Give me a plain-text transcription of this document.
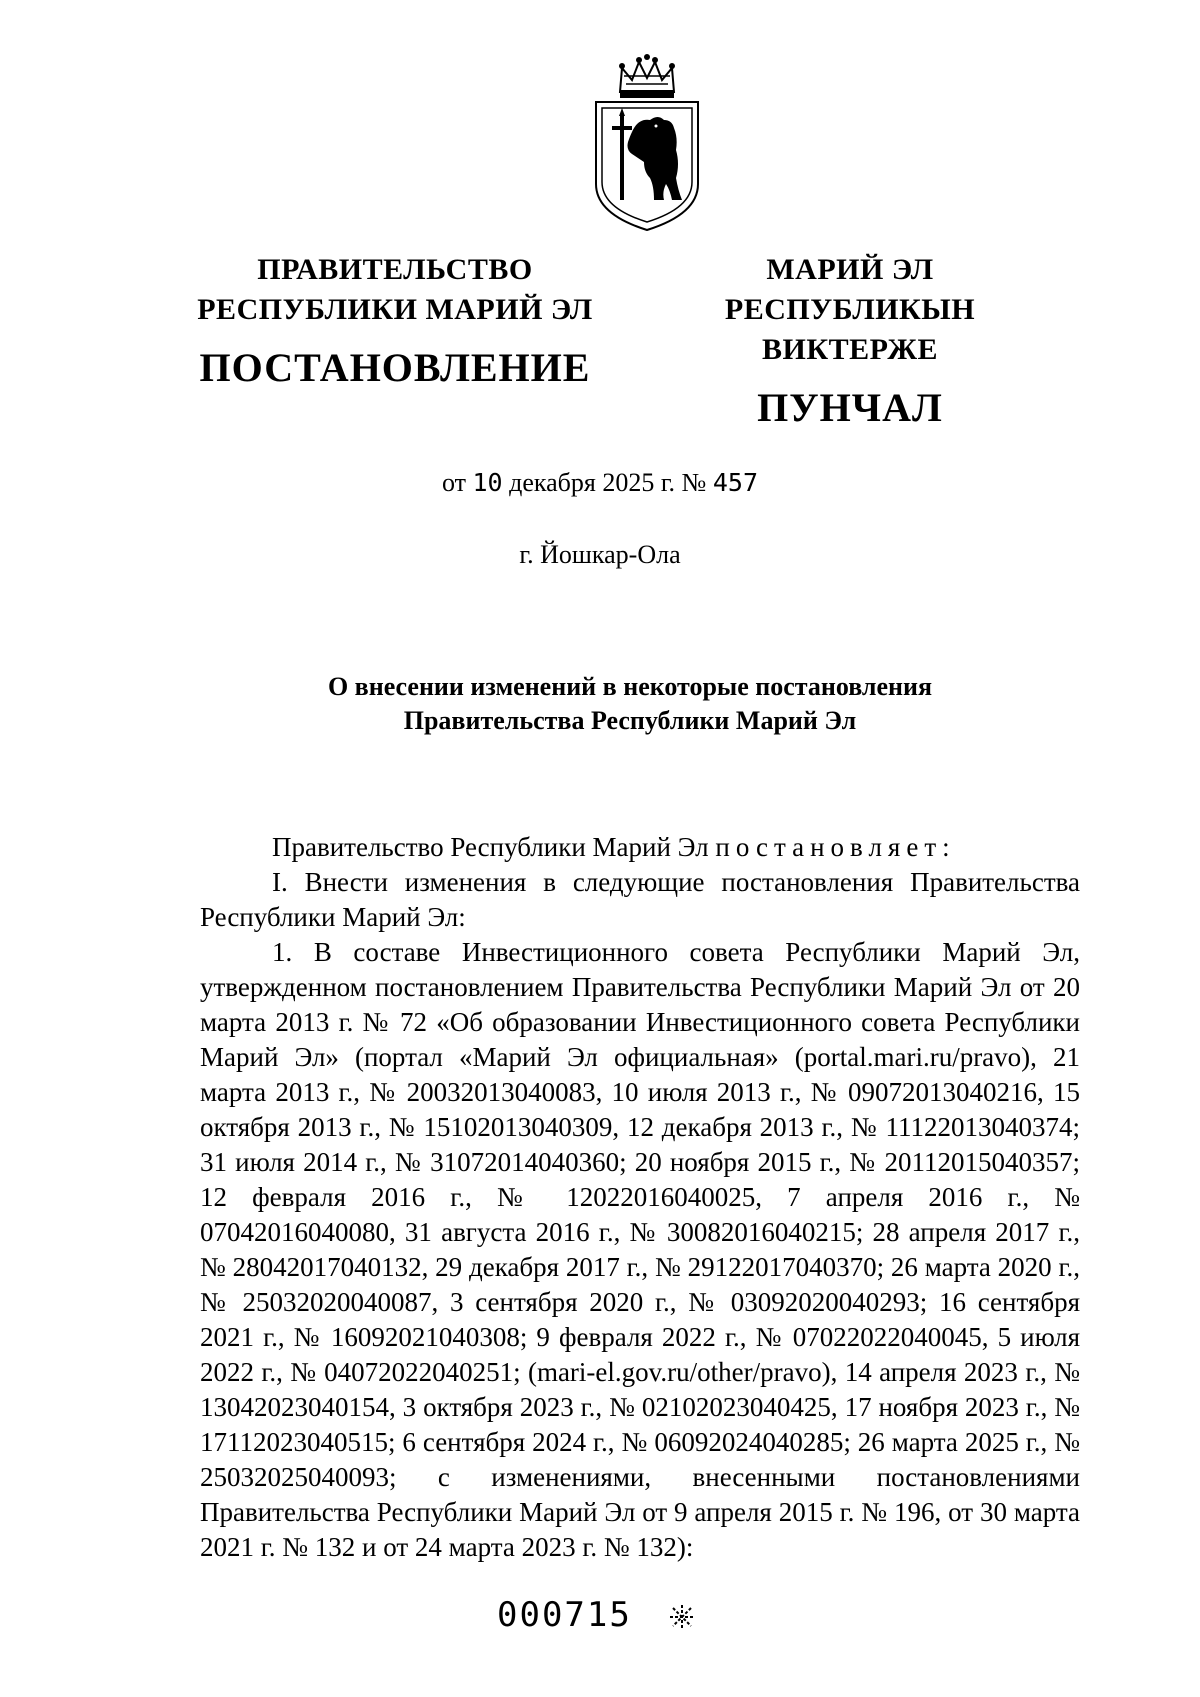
ПРАВИТЕЛЬСТВО
РЕСПУБЛИКИ МАРИЙ ЭЛ
ПОСТАНОВЛЕНИЕ
МАРИЙ ЭЛ РЕСПУБЛИКЫН
ВИКТЕРЖЕ
ПУНЧАЛ
от 10 декабря 2025 г. № 457
г. Йошкар-Ола
О внесении изменений в некоторые постановления
Правительства Республики Марий Эл

Правительство Республики Марий Эл постановляет:

I. Внести изменения в следующие постановления Правительства Республики Марий Эл:

1. В составе Инвестиционного совета Республики Марий Эл, утвержденном постановлением Правительства Республики Марий Эл от 20 марта 2013 г. № 72 «Об образовании Инвестиционного совета Республики Марий Эл» (портал «Марий Эл официальная» (portal.mari.ru/pravo), 21 марта 2013 г., № 20032013040083, 10 июля 2013 г., № 09072013040216, 15 октября 2013 г., № 15102013040309, 12 декабря 2013 г., № 11122013040374; 31 июля 2014 г., № 31072014040360; 20 ноября 2015 г., № 20112015040357; 12 февраля 2016 г., № 12022016040025, 7 апреля 2016 г., № 07042016040080, 31 августа 2016 г., № 30082016040215; 28 апреля 2017 г., № 28042017040132, 29 декабря 2017 г., № 29122017040370; 26 марта 2020 г., № 25032020040087, 3 сентября 2020 г., № 03092020040293; 16 сентября 2021 г., № 16092021040308; 9 февраля 2022 г., № 07022022040045, 5 июля 2022 г., № 04072022040251; (mari-el.gov.ru/other/pravo), 14 апреля 2023 г., № 13042023040154, 3 октября 2023 г., № 02102023040425, 17 ноября 2023 г., № 17112023040515; 6 сентября 2024 г., № 06092024040285; 26 марта 2025 г., № 25032025040093; с изменениями, внесенными постановлениями Правительства Республики Марий Эл от 9 апреля 2015 г. № 196, от 30 марта 2021 г. № 132 и от 24 марта 2023 г. № 132):

000715
